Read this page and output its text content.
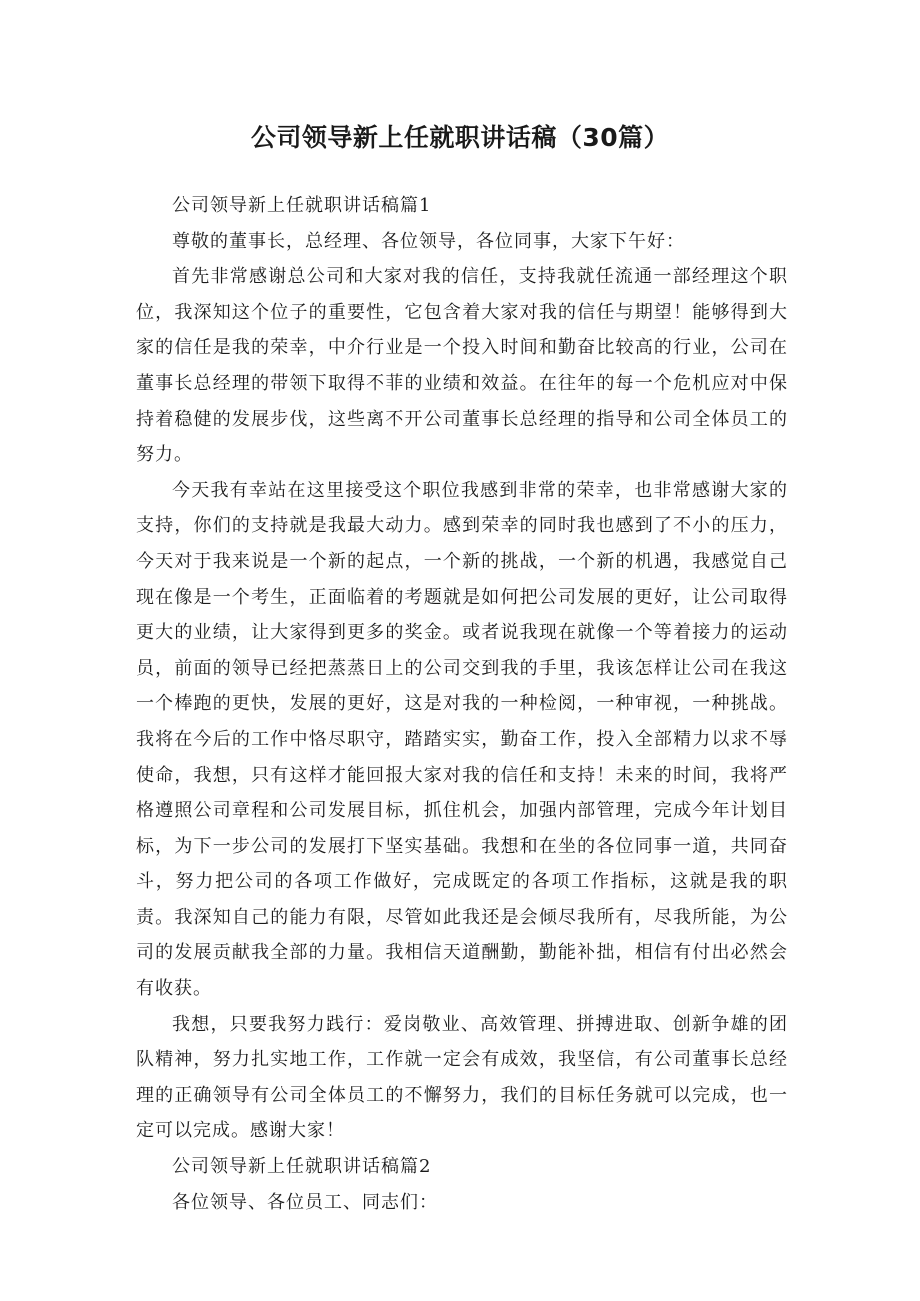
公司领导新上任就职讲话稿（30篇）

公司领导新上任就职讲话稿篇1

尊敬的董事长，总经理、各位领导，各位同事，大家下午好：

首先非常感谢总公司和大家对我的信任，支持我就任流通一部经理这个职位，我深知这个位子的重要性，它包含着大家对我的信任与期望！能够得到大家的信任是我的荣幸，中介行业是一个投入时间和勤奋比较高的行业，公司在董事长总经理的带领下取得不菲的业绩和效益。在往年的每一个危机应对中保持着稳健的发展步伐，这些离不开公司董事长总经理的指导和公司全体员工的努力。

今天我有幸站在这里接受这个职位我感到非常的荣幸，也非常感谢大家的支持，你们的支持就是我最大动力。感到荣幸的同时我也感到了不小的压力，今天对于我来说是一个新的起点，一个新的挑战，一个新的机遇，我感觉自己现在像是一个考生，正面临着的考题就是如何把公司发展的更好，让公司取得更大的业绩，让大家得到更多的奖金。或者说我现在就像一个等着接力的运动员，前面的领导已经把蒸蒸日上的公司交到我的手里，我该怎样让公司在我这一个棒跑的更快，发展的更好，这是对我的一种检阅，一种审视，一种挑战。我将在今后的工作中恪尽职守，踏踏实实，勤奋工作，投入全部精力以求不辱使命，我想，只有这样才能回报大家对我的信任和支持！未来的时间，我将严格遵照公司章程和公司发展目标，抓住机会，加强内部管理，完成今年计划目标，为下一步公司的发展打下坚实基础。我想和在坐的各位同事一道，共同奋斗，努力把公司的各项工作做好，完成既定的各项工作指标，这就是我的职责。我深知自己的能力有限，尽管如此我还是会倾尽我所有，尽我所能，为公司的发展贡献我全部的力量。我相信天道酬勤，勤能补拙，相信有付出必然会有收获。

我想，只要我努力践行：爱岗敬业、高效管理、拼搏进取、创新争雄的团队精神，努力扎实地工作，工作就一定会有成效，我坚信，有公司董事长总经理的正确领导有公司全体员工的不懈努力，我们的目标任务就可以完成，也一定可以完成。感谢大家！

公司领导新上任就职讲话稿篇2

各位领导、各位员工、同志们：
